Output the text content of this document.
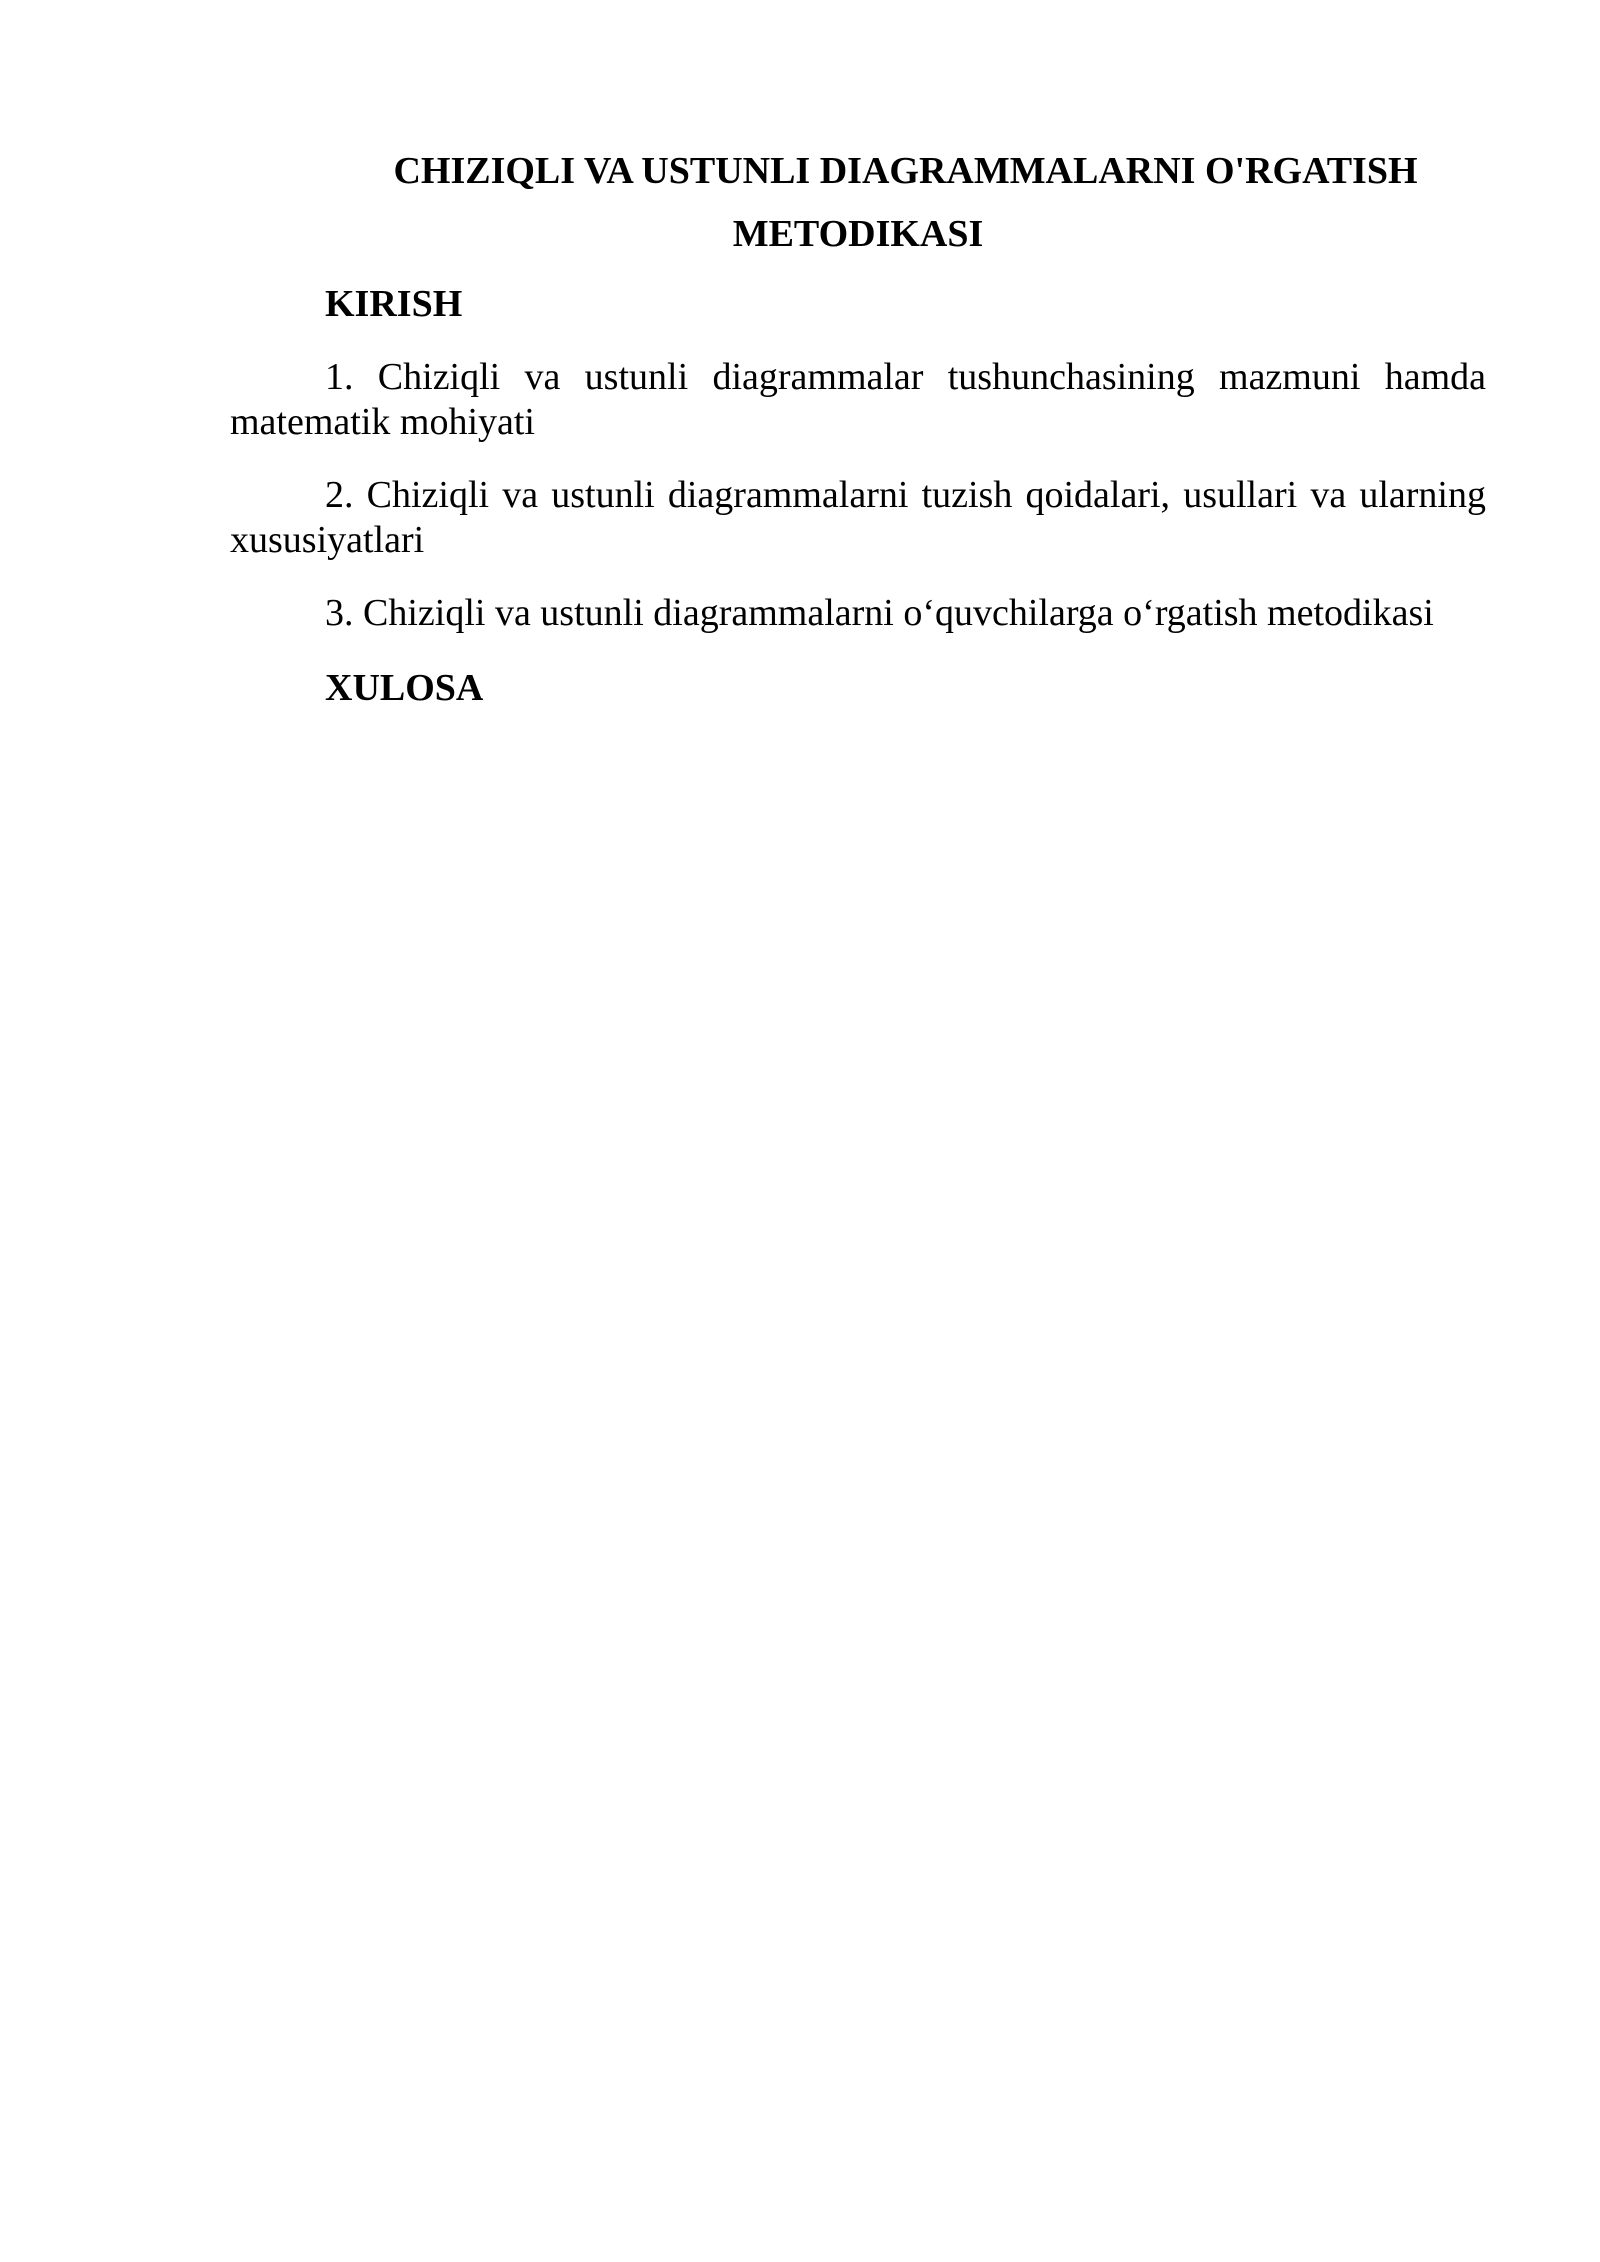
CHIZIQLI VA USTUNLI DIAGRAMMALARNI O'RGATISH
METODIKASI
KIRISH
1. Chiziqli va ustunli diagrammalar tushunchasining mazmuni hamda
matematik mohiyati
2. Chiziqli va ustunli diagrammalarni tuzish qoidalari, usullari va ularning
xususiyatlari
3. Chiziqli va ustunli diagrammalarni o‘quvchilarga o‘rgatish metodikasi
XULOSA
